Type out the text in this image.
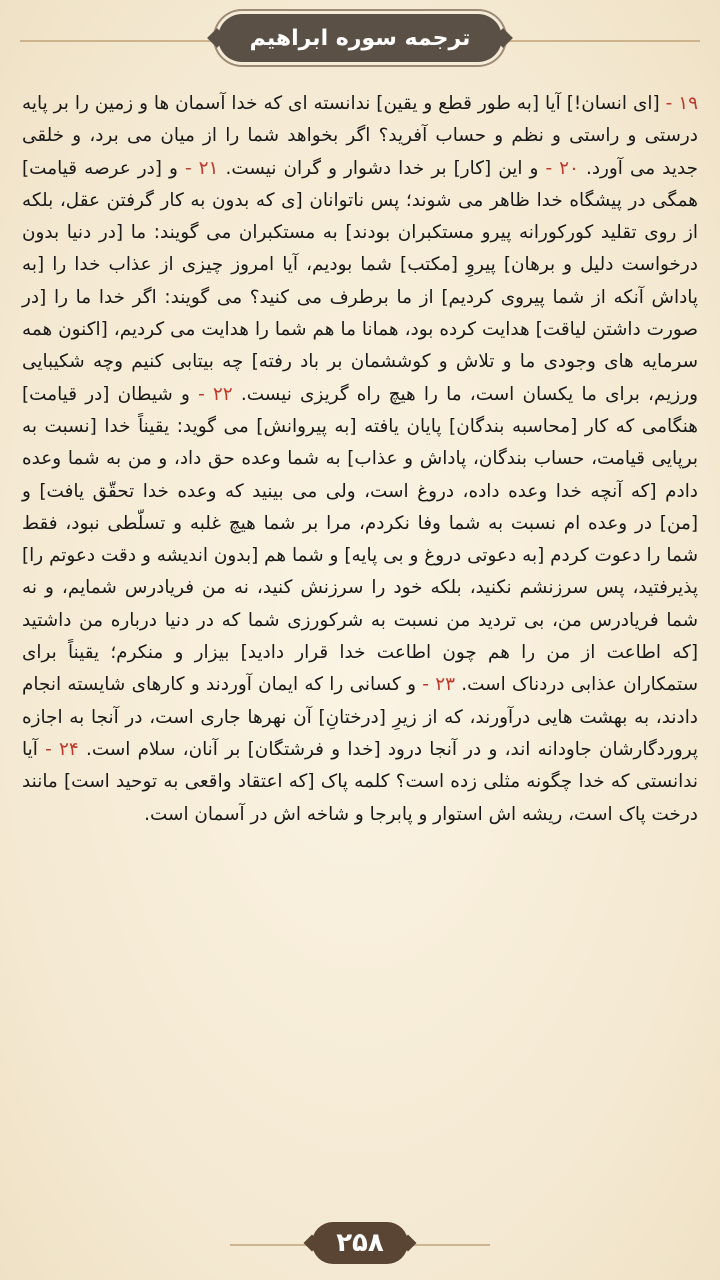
ترجمه سوره ابراهیم
۱۹ - [ای انسان!] آیا [به طور قطع و یقین] ندانسته ای که خدا آسمان ها و زمین را بر پایه درستی و راستی و نظم و حساب آفرید؟ اگر بخواهد شما را از میان می برد، و خلقی جدید می آورد. ۲۰ - و این [کار] بر خدا دشوار و گران نیست. ۲۱ - و [در عرصه قیامت] همگی در پیشگاه خدا ظاهر می شوند؛ پس ناتوانان [ی که بدون به کار گرفتن عقل، بلکه از روی تقلید کورکورانه پیرو مستکبران بودند] به مستکبران می گویند: ما [در دنیا بدون درخواست دلیل و برهان] پیروِ [مکتب] شما بودیم، آیا امروز چیزی از عذاب خدا را [به پاداش آنکه از شما پیروی کردیم] از ما برطرف می کنید؟ می گویند: اگر خدا ما را [در صورت داشتن لیاقت] هدایت کرده بود، همانا ما هم شما را هدایت می کردیم، [اکنون همه سرمایه های وجودی ما و تلاش و کوششمان بر باد رفته] چه بیتابی کنیم وچه شکیبایی ورزیم، برای ما یکسان است، ما را هیچ راه گریزی نیست. ۲۲ - و شیطان [در قیامت] هنگامی که کار [محاسبه بندگان] پایان یافته [به پیروانش] می گوید: یقیناً خدا [نسبت به برپایی قیامت، حساب بندگان، پاداش و عذاب] به شما وعده حق داد، و من به شما وعده دادم [که آنچه خدا وعده داده، دروغ است، ولی می بینید که وعده خدا تحقّق یافت] و [من] در وعده ام نسبت به شما وفا نکردم، مرا بر شما هیچ غلبه و تسلّطی نبود، فقط شما را دعوت کردم [به دعوتی دروغ و بی پایه] و شما هم [بدون اندیشه و دقت دعوتم را] پذیرفتید، پس سرزنشم نکنید، بلکه خود را سرزنش کنید، نه من فریادرس شمایم، و نه شما فریادرس من، بی تردید من نسبت به شرکورزی شما که در دنیا درباره من داشتید [که اطاعت از من را هم چون اطاعت خدا قرار دادید] بیزار و منکرم؛ یقیناً برای ستمکاران عذابی دردناک است. ۲۳ - و کسانی را که ایمان آوردند و کارهای شایسته انجام دادند، به بهشت هایی درآورند، که از زیرِ [درختانِ] آن نهرها جاری است، در آنجا به اجازه پروردگارشان جاودانه اند، و در آنجا درود [خدا و فرشتگان] بر آنان، سلام است. ۲۴ - آیا ندانستی که خدا چگونه مثلی زده است؟ کلمه پاک [که اعتقاد واقعی به توحید است] مانند درخت پاک است، ریشه اش استوار و پابرجا و شاخه اش در آسمان است.
۲۵۸
